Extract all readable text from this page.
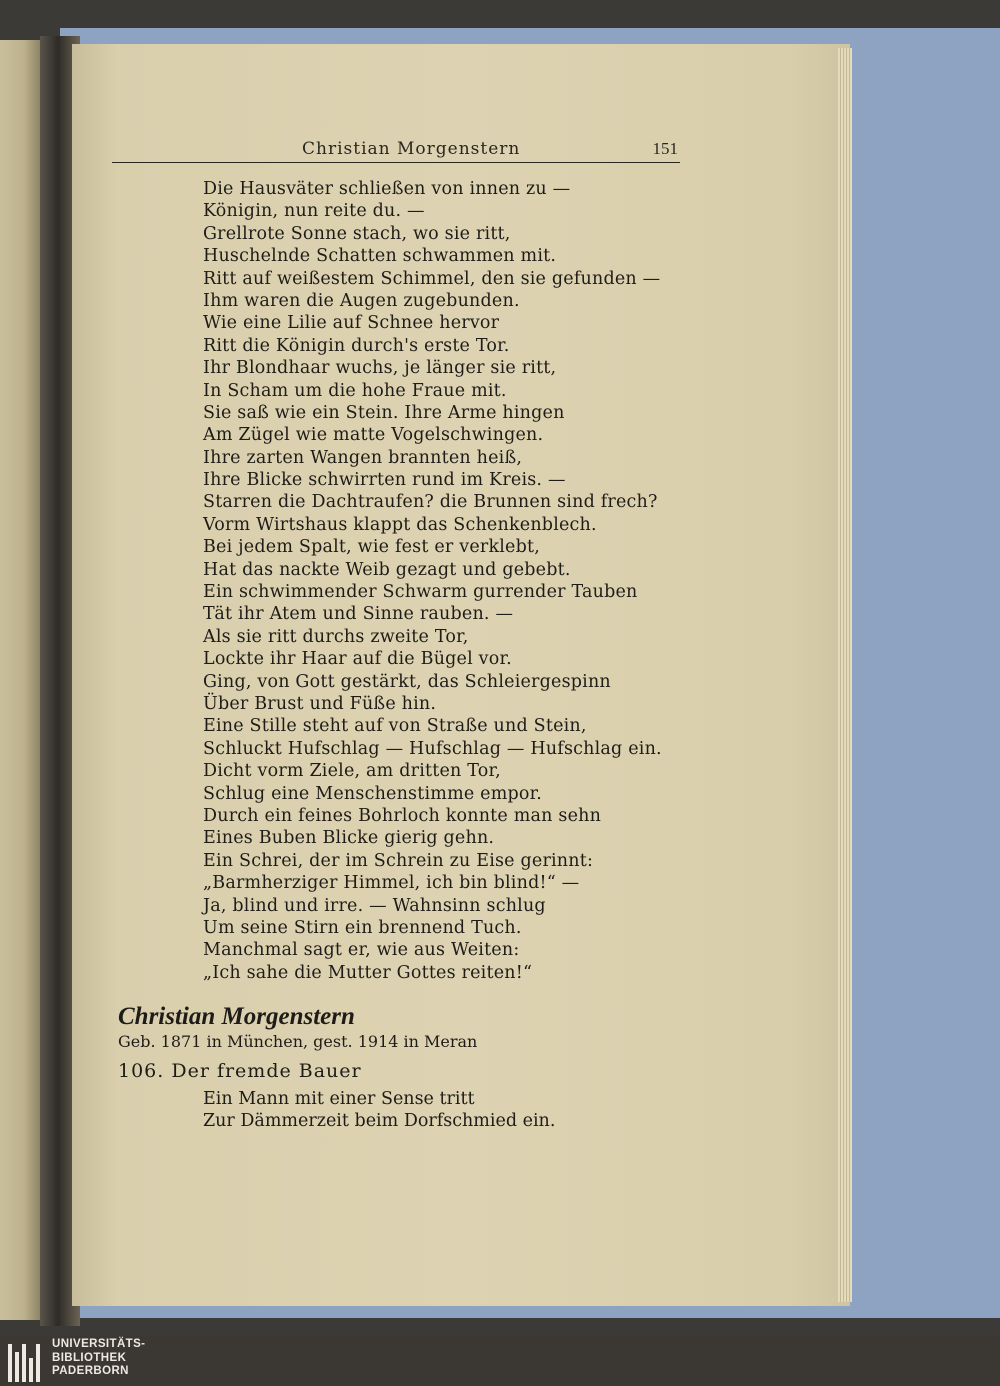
Christian Morgenstern	151
Die Hausväter schließen von innen zu —
Königin, nun reite du. —
Grellrote Sonne stach, wo sie ritt,
Huschelnde Schatten schwammen mit.
Ritt auf weißestem Schimmel, den sie gefunden —
Ihm waren die Augen zugebunden.
Wie eine Lilie auf Schnee hervor
Ritt die Königin durch's erste Tor.
Ihr Blondhaar wuchs, je länger sie ritt,
In Scham um die hohe Fraue mit.
Sie saß wie ein Stein. Ihre Arme hingen
Am Zügel wie matte Vogelschwingen.
Ihre zarten Wangen brannten heiß,
Ihre Blicke schwirrten rund im Kreis. —
Starren die Dachtraufen? die Brunnen sind frech?
Vorm Wirtshaus klappt das Schenkenblech.
Bei jedem Spalt, wie fest er verklebt,
Hat das nackte Weib gezagt und gebebt.
Ein schwimmender Schwarm gurrender Tauben
Tät ihr Atem und Sinne rauben. —
Als sie ritt durchs zweite Tor,
Lockte ihr Haar auf die Bügel vor.
Ging, von Gott gestärkt, das Schleiergespinn
Über Brust und Füße hin.
Eine Stille steht auf von Straße und Stein,
Schluckt Hufschlag — Hufschlag — Hufschlag ein.
Dicht vorm Ziele, am dritten Tor,
Schlug eine Menschenstimme empor.
Durch ein feines Bohrloch konnte man sehn
Eines Buben Blicke gierig gehn.
Ein Schrei, der im Schrein zu Eise gerinnt:
„Barmherziger Himmel, ich bin blind!“ —
Ja, blind und irre. — Wahnsinn schlug
Um seine Stirn ein brennend Tuch.
Manchmal sagt er, wie aus Weiten:
„Ich sahe die Mutter Gottes reiten!“
Christian Morgenstern
Geb. 1871 in München, gest. 1914 in Meran
106. Der fremde Bauer
Ein Mann mit einer Sense tritt
Zur Dämmerzeit beim Dorfschmied ein.
UNIVERSITÄTS-
BIBLIOTHEK
PADERBORN
